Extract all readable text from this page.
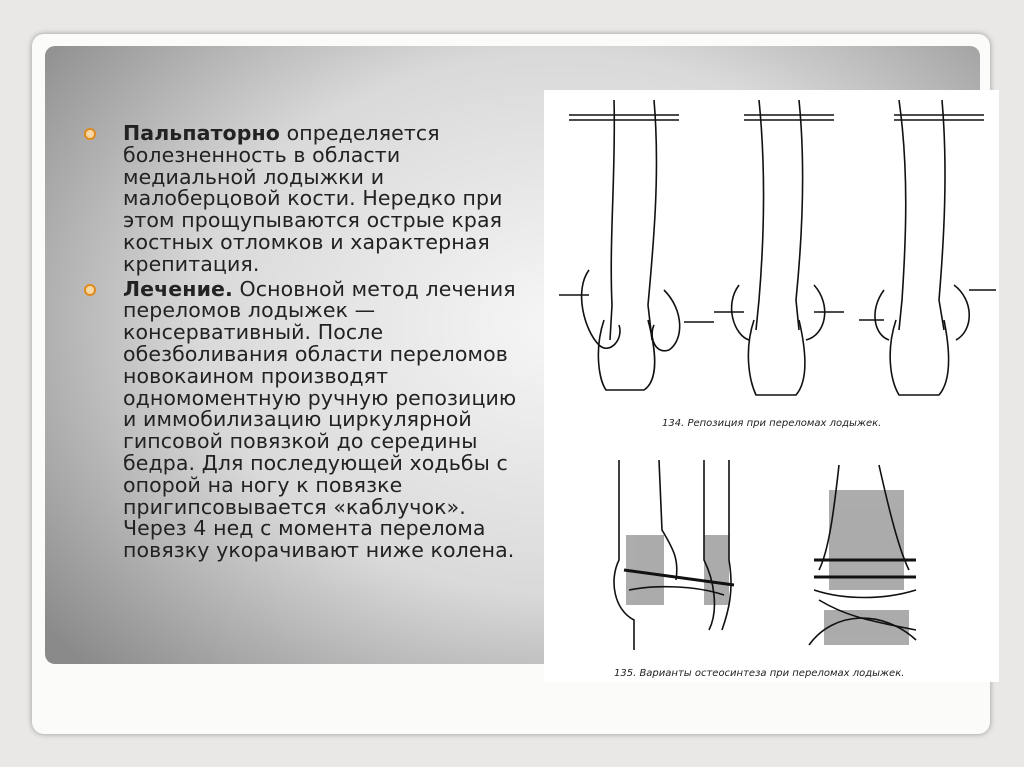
Пальпаторно определяется болезненность в области медиальной лодыжки и малоберцовой кости. Нередко при этом прощупываются острые края костных отломков и характерная крепитация.
Лечение. Основной метод лечения переломов лодыжек — консервативный. После обезболивания области переломов новокаином производят одномоментную ручную репозицию и иммобилизацию циркулярной гипсовой повязкой до середины бедра. Для последующей ходьбы с опорой на ногу к повязке пригипсовывается «каблучок». Через 4 нед с момента перелома повязку укорачивают ниже колена.
134. Репозиция при переломах лодыжек.
135. Варианты остеосинтеза при переломах лодыжек.
